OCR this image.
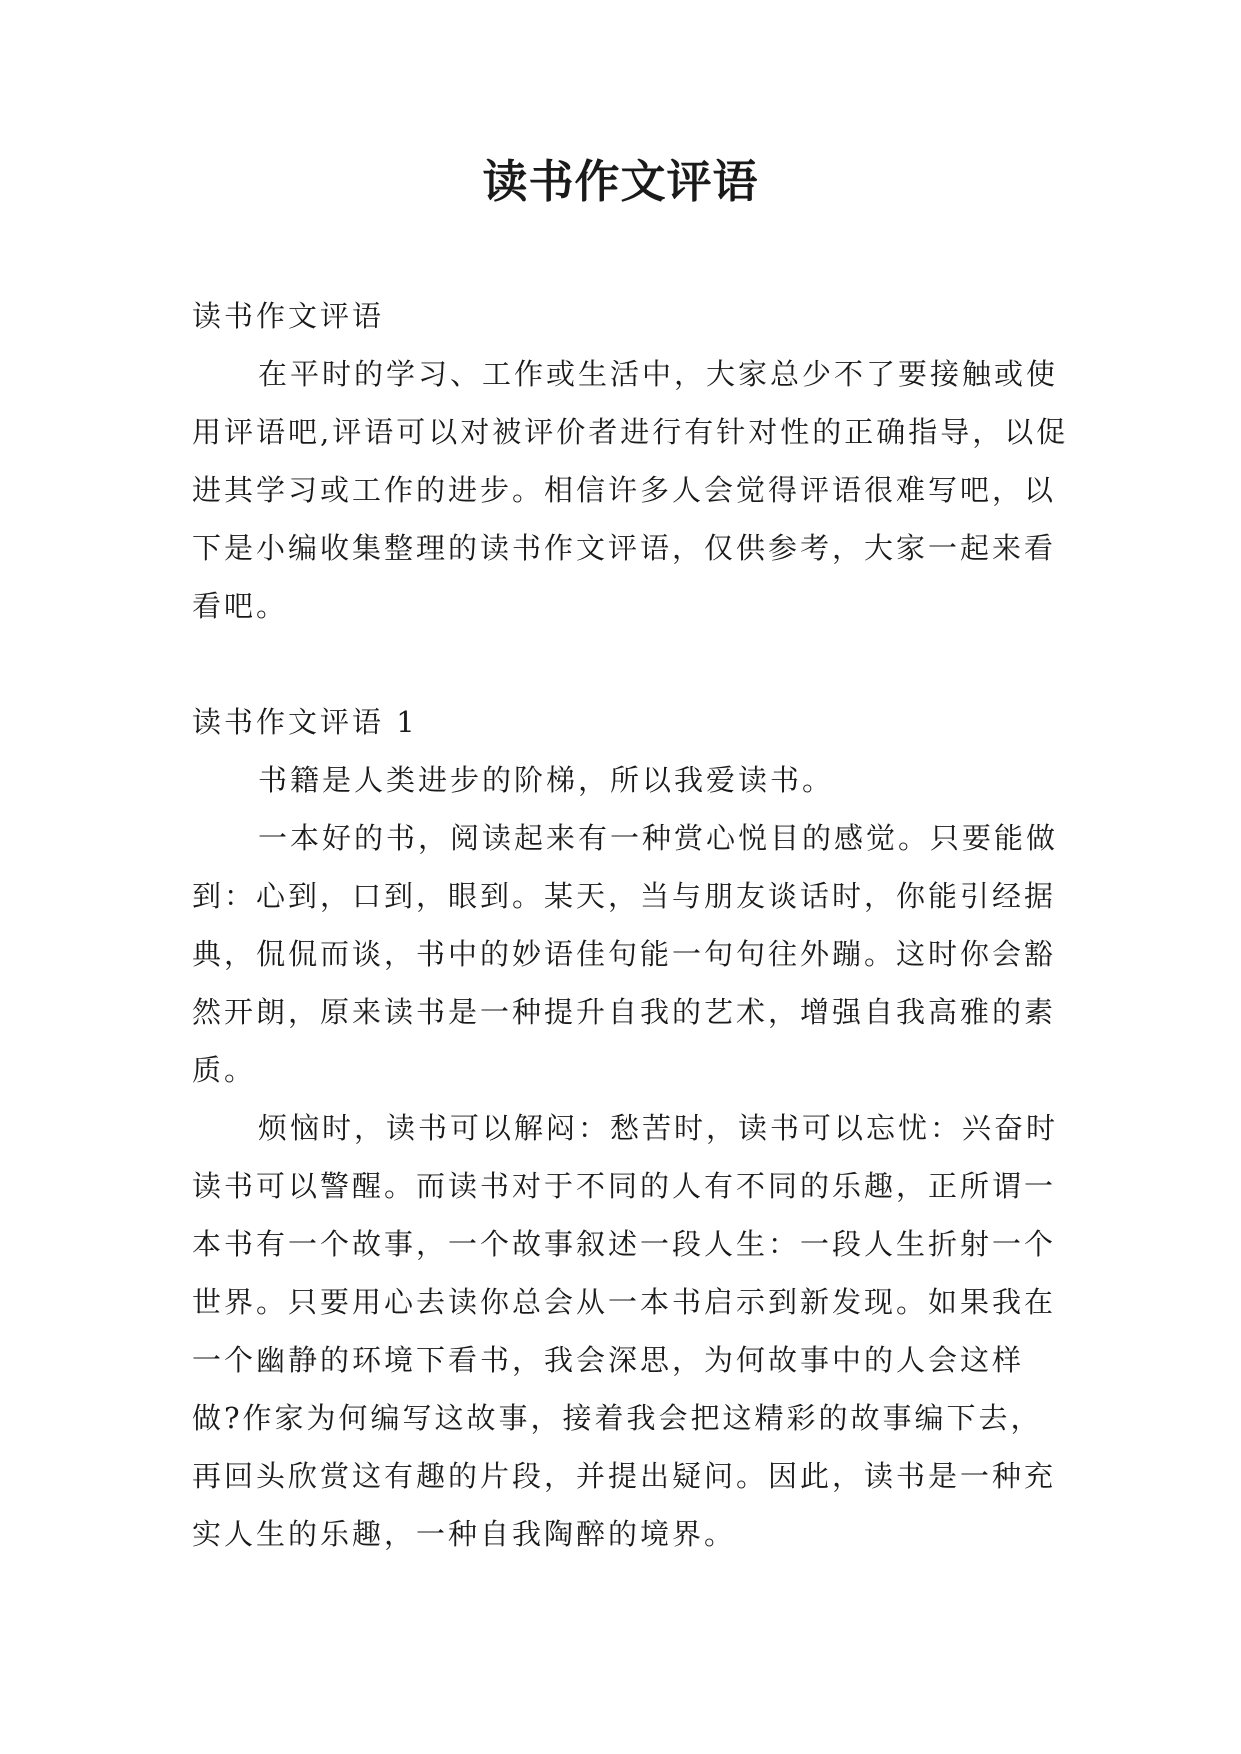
读书作文评语

读书作文评语

在平时的学习、工作或生活中，大家总少不了要接触或使用评语吧,评语可以对被评价者进行有针对性的正确指导，以促进其学习或工作的进步。相信许多人会觉得评语很难写吧，以下是小编收集整理的读书作文评语，仅供参考，大家一起来看看吧。

读书作文评语 1

书籍是人类进步的阶梯，所以我爱读书。

一本好的书，阅读起来有一种赏心悦目的感觉。只要能做到：心到，口到，眼到。某天，当与朋友谈话时，你能引经据典，侃侃而谈，书中的妙语佳句能一句句往外蹦。这时你会豁然开朗，原来读书是一种提升自我的艺术，增强自我高雅的素质。

烦恼时，读书可以解闷：愁苦时，读书可以忘忧：兴奋时读书可以警醒。而读书对于不同的人有不同的乐趣，正所谓一本书有一个故事，一个故事叙述一段人生：一段人生折射一个世界。只要用心去读你总会从一本书启示到新发现。如果我在一个幽静的环境下看书，我会深思，为何故事中的人会这样做?作家为何编写这故事，接着我会把这精彩的故事编下去，再回头欣赏这有趣的片段，并提出疑问。因此，读书是一种充实人生的乐趣，一种自我陶醉的境界。
